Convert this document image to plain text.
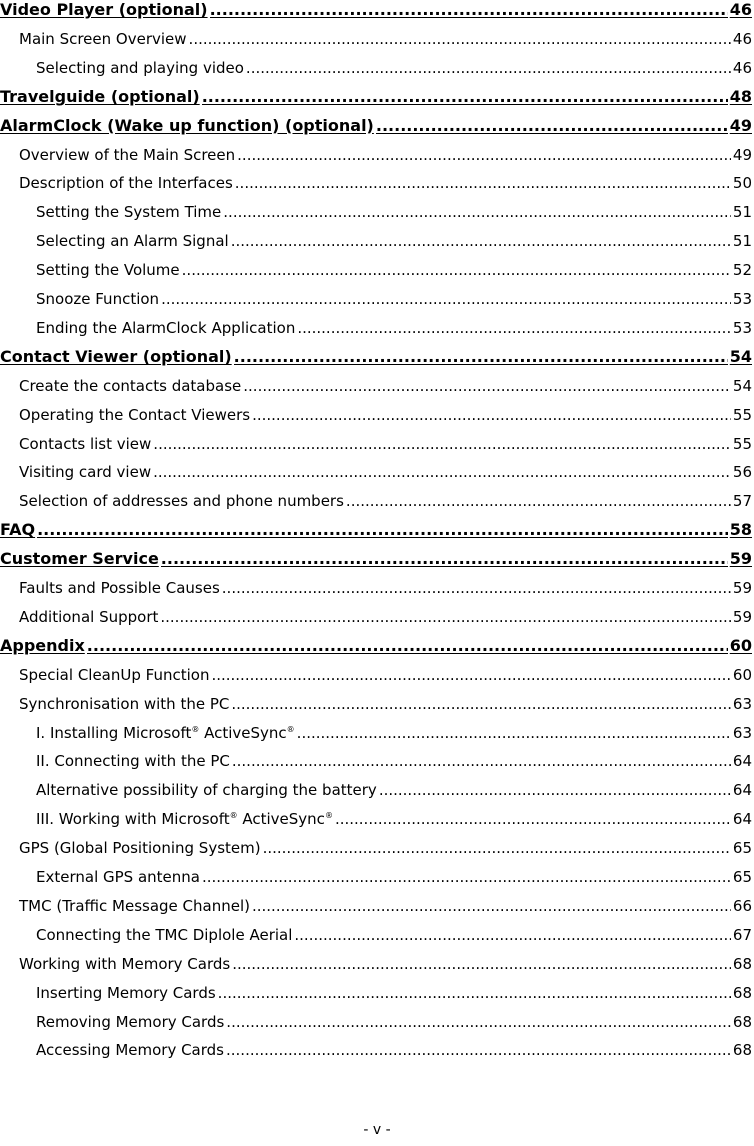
Video Player (optional) .....	46
Main Screen Overview .....	46
Selecting and playing video .....	46
Travelguide (optional) .....	48
AlarmClock (Wake up function) (optional) .....	49
Overview of the Main Screen .....	49
Description of the Interfaces .....	50
Setting the System Time .....	51
Selecting an Alarm Signal .....	51
Setting the Volume .....	52
Snooze Function .....	53
Ending the AlarmClock Application .....	53
Contact Viewer (optional) .....	54
Create the contacts database .....	54
Operating the Contact Viewers .....	55
Contacts list view .....	55
Visiting card view .....	56
Selection of addresses and phone numbers .....	57
FAQ .....	58
Customer Service .....	59
Faults and Possible Causes .....	59
Additional Support .....	59
Appendix .....	60
Special CleanUp Function .....	60
Synchronisation with the PC .....	63
I. Installing Microsoft® ActiveSync® .....	63
II. Connecting with the PC .....	64
Alternative possibility of charging the battery .....	64
III. Working with Microsoft® ActiveSync® .....	64
GPS (Global Positioning System) .....	65
External GPS antenna .....	65
TMC (Traffic Message Channel) .....	66
Connecting the TMC Diplole Aerial .....	67
Working with Memory Cards .....	68
Inserting Memory Cards .....	68
Removing Memory Cards .....	68
Accessing Memory Cards .....	68
- v -
